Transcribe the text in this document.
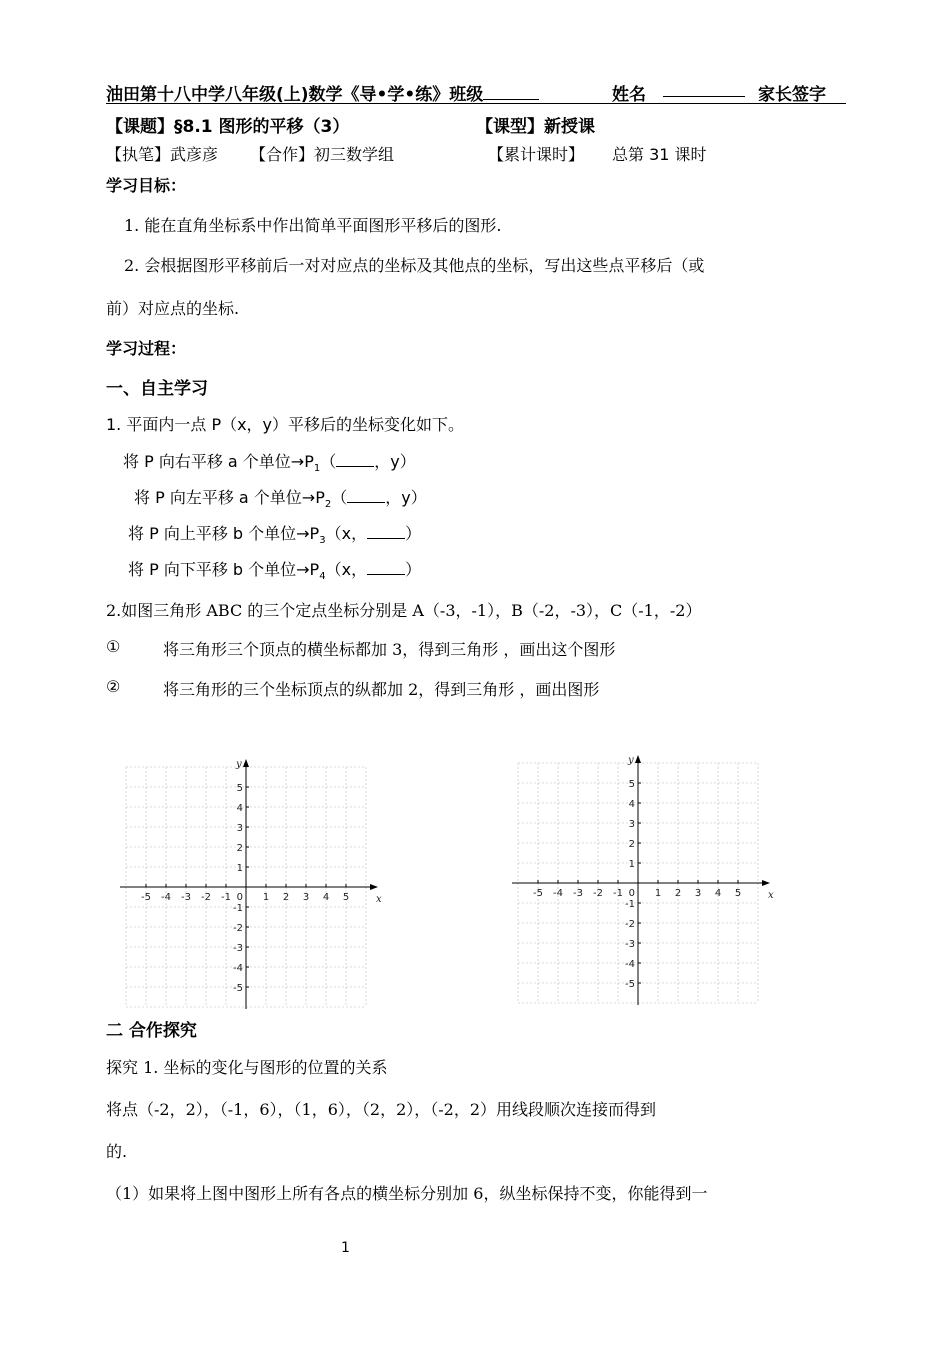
油田第十八中学八年级(上)数学《导•学•练》班级	姓名	家长签字
【课题】§8.1 图形的平移（3）	【课型】新授课
【执笔】武彦彦 【合作】初三数学组	【累计课时】 总第 31 课时
学习目标：
1. 能在直角坐标系中作出简单平面图形平移后的图形.
2. 会根据图形平移前后一对对应点的坐标及其他点的坐标，写出这些点平移后（或
前）对应点的坐标.
学习过程：
一、自主学习
1. 平面内一点 P（x，y）平移后的坐标变化如下。
将 P 向右平移 a 个单位$\to P_1$（ ，y）
将 P 向左平移 a 个单位$\to P_2$（ ，y）
将 P 向上平移 b 个单位$\to P_3(x$， ）
将 P 向下平移 b 个单位$\to P_4(x$， ）
2.如图三角形 ABC 的三个定点坐标分别是 A（-3，-1），B（-2，-3），C（-1，-2）
①	将三角形三个顶点的横坐标都加 3，得到三角形 ，画出这个图形
②	将三角形的三个坐标顶点的纵都加 2，得到三角形 ，画出图形
-5 -4 -3 -2 -1	1 2 3 4 5
5
4
3
2
1
-1
-2
-3
-4
-5
0	x
y
-5 -4 -3 -2 -1	1 2 3 4 5
5
4
3
2
1
-1
-2
-3
-4
-5
0	x
y
二 合作探究
探究 1. 坐标的变化与图形的位置的关系
将点（-2，2），（-1，6），（1，6），（2，2），（-2，2）用线段顺次连接而得到
的.
（1）如果将上图中图形上所有各点的横坐标分别加 6，纵坐标保持不变，你能得到一
1
